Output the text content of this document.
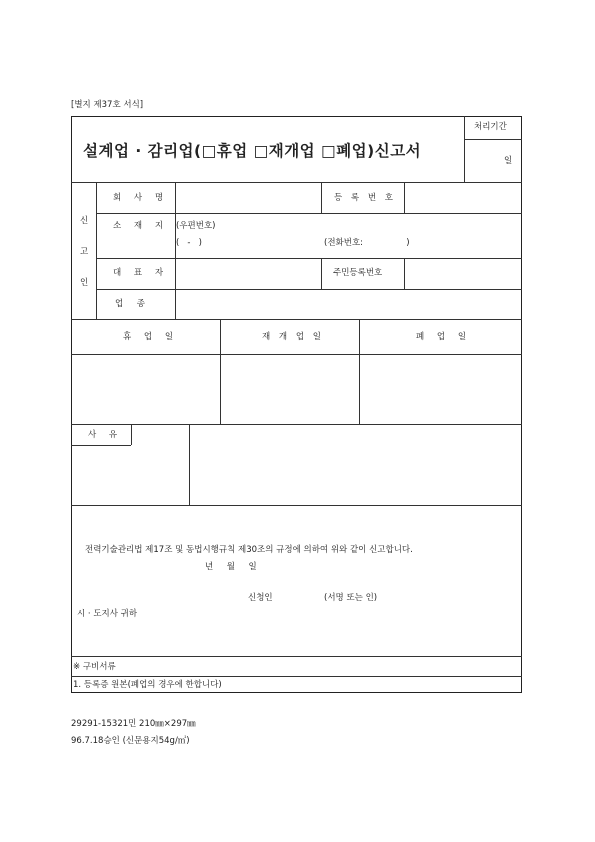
[별지 제37호 서식]
설계업 · 감리업(□휴업 □재개업 □폐업)신고서
처리기간
일
신
고
인
회 사 명	등 록 번 호
소 재 지 (우편번호)
(   -   )	(전화번호:                )
대 표 자	주민등록번호
업     종
휴 업 일	재 개 업 일	폐 업 일
사 유
전력기술관리법 제17조 및 동법시행규칙 제30조의 규정에 의하여 위와 같이 신고합니다.
년     월     일
신청인	(서명 또는 인)
시 · 도지사 귀하
※ 구비서류
1. 등록증 원본(폐업의 경우에 한합니다)
29291-15321민 210㎜×297㎜
96.7.18승인 (신문용지54g/㎡)
